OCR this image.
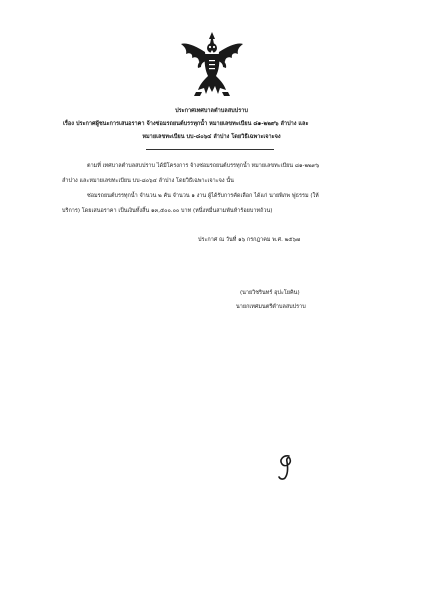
ประกาศเทศบาลตำบลสบปราบ
เรื่อง ประกาศผู้ชนะการเสนอราคา จ้างซ่อมรถยนต์บรรทุกน้ำ หมายเลขทะเบียน ๘๑-๒๒๙๖ ลำปาง และ
หมายเลขทะเบียน บบ-๘๐๖๔ ลำปาง โดยวิธีเฉพาะเจาะจง
ตามที่ เทศบาลตำบลสบปราบ ได้มีโครงการ จ้างซ่อมรถยนต์บรรทุกน้ำ หมายเลขทะเบียน ๘๑-๒๒๙๖
ลำปาง และหมายเลขทะเบียน บบ-๘๐๖๔ ลำปาง โดยวิธีเฉพาะเจาะจง นั้น
ซ่อมรถยนต์บรรทุกน้ำ จำนวน ๒ คัน จำนวน ๑ งาน ผู้ได้รับการคัดเลือก ได้แก่ นายพิภพ ฟูธรรม (ให้
บริการ) โดยเสนอราคา เป็นเงินทั้งสิ้น ๑๓,๕๐๐.๐๐ บาท (หนึ่งหมื่นสามพันห้าร้อยบาทถ้วน)
ประกาศ ณ วันที่ ๑๖ กรกฎาคม พ.ศ. ๒๕๖๗
(นายวิชรินทร์ อุปะโยคิน)
นายกเทศมนตรีตำบลสบปราบ
